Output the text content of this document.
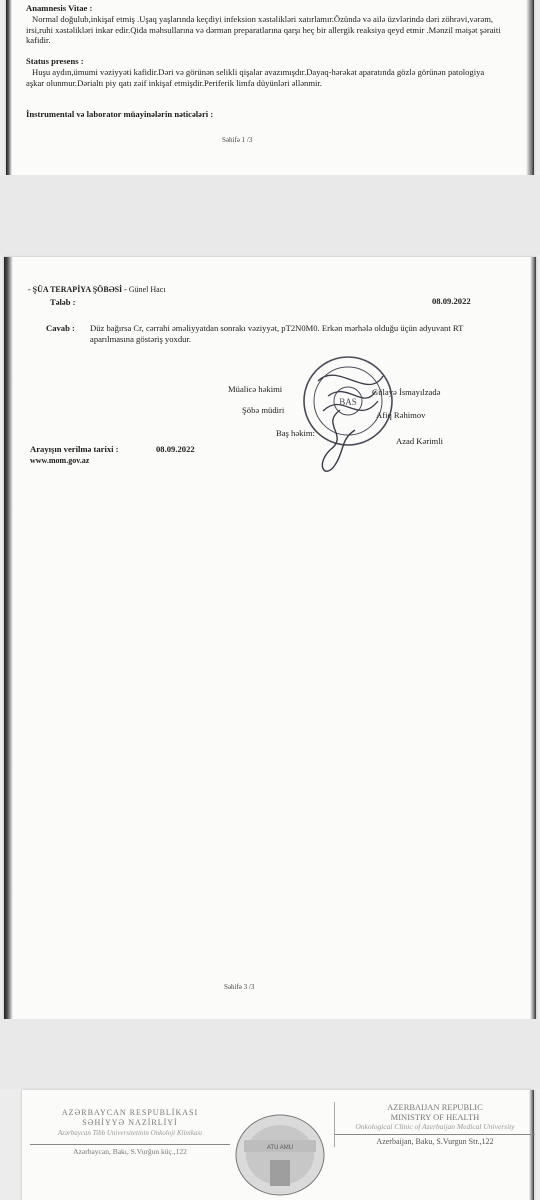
Anamnesis Vitae :
Normal doğulub,inkişaf etmiş .Uşaq yaşlarında keçdiyi infeksion xəstəlikləri xatırlamır.Özündə və ailə üzvlərində dəri zöhrəvi,vərəm, irsi,ruhi xəstəlikləri inkar edir.Qida məhsullarına və dərman preparatlarına qarşı heç bir allergik reaksiya qeyd etmir .Mənzil məişət şəraiti kafidir.
Status presens :
Huşu aydın,ümumi vəziyyəti kafidir.Dəri və görünən selikli qişalar avazımışdır.Dayaq-hərəkət aparatında gözlə görünən patologiya aşkar olunmur.Dərialtı piy qatı zəif inkişaf etmişdir.Periferik limfa düyünləri əllənmir.
İnstrumental və laborator müayinələrin nəticələri :
Səhifə 1 /3
- ŞÜA TERAPİYA ŞÖBƏSİ - Günel Hacı
Tələb :	08.09.2022
Cavab : Düz bağırsa Cr, cərrahi əməliyyatdan sonrakı vəziyyət, pT2N0M0. Erkən mərhələ olduğu üçün adyuvant RT aparılmasına göstəriş yoxdur.
Müalicə həkimi	Gülayə İsmayılzadə
Şöbə müdiri	Afiq Rəhimov
Baş həkim:
Azad Kərimli
BAS
Arayışın verilmə tarixi :	08.09.2022
www.mom.gov.az
Səhifə 3 /3
AZƏRBAYCAN RESPUBLİKASI
SƏHİYYƏ NAZİRLİYİ
Azərbaycan Tibb Universitetinin Onkoloji Klinikası
Azərbaycan, Bakı, S.Vurğun küç.,122	ATU AMU
AZERBAIJAN REPUBLIC
MINISTRY OF HEALTH
Onkological Clinic of Azerbaijan Medical University
Azerbaijan, Baku, S.Vurgun Str.,122
